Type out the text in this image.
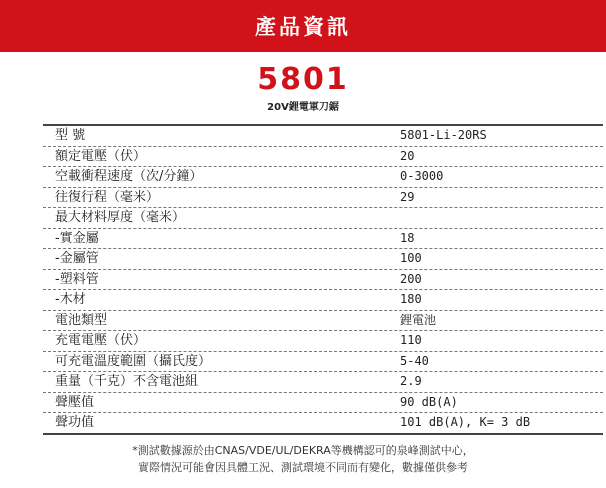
產品資訊
5801
20V鋰電軍刀鋸
型 號	5801-Li-20RS
額定電壓（伏）	20
空載衝程速度（次/分鐘）	0-3000
往復行程（毫米）	29
最大材料厚度（毫米）
-實金屬	18
-金屬管	100
-塑料管	200
-木材	180
電池類型	鋰電池
充電電壓（伏）	110
可充電溫度範圍（攝氏度）	5-40
重量（千克）不含電池組	2.9
聲壓值	90 dB(A)
聲功值	101 dB(A), K= 3 dB
*測試數據源於由CNAS/VDE/UL/DEKRA等機構認可的泉峰測試中心，
實際情況可能會因具體工況、測試環境不同而有變化，數據僅供參考
